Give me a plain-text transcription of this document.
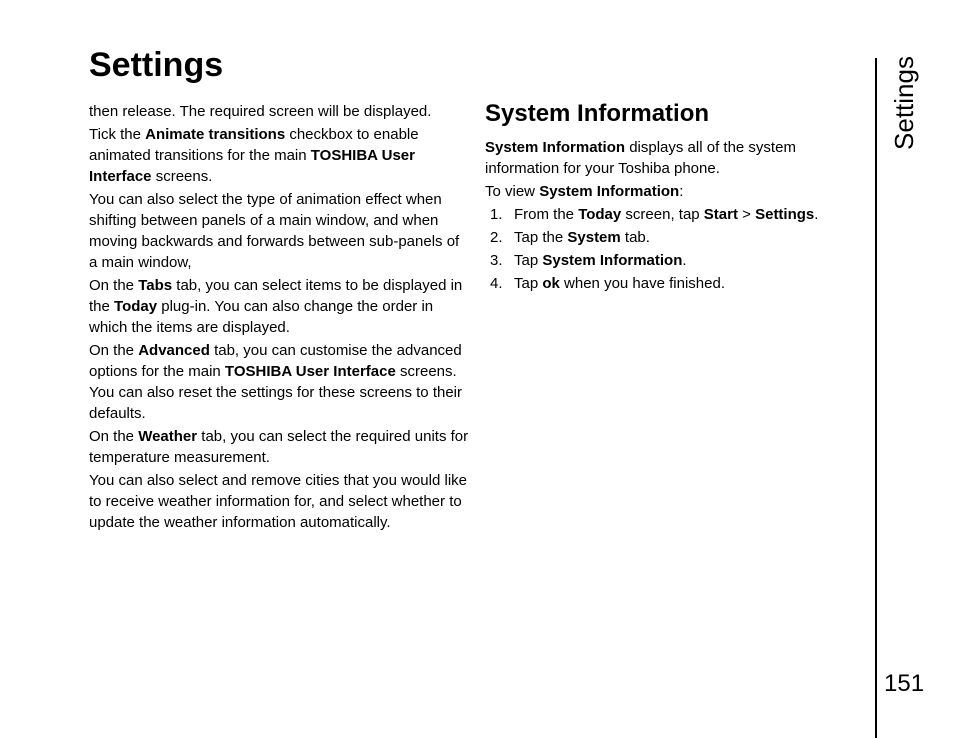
Settings

then release. The required screen will be displayed.

Tick the Animate transitions checkbox to enable animated transitions for the main TOSHIBA User Interface screens.

You can also select the type of animation effect when shifting between panels of a main window, and when moving backwards and forwards between sub-panels of a main window,

On the Tabs tab, you can select items to be displayed in the Today plug-in. You can also change the order in which the items are displayed.

On the Advanced tab, you can customise the advanced options for the main TOSHIBA User Interface screens. You can also reset the settings for these screens to their defaults.

On the Weather tab, you can select the required units for temperature measurement.

You can also select and remove cities that you would like to receive weather information for, and select whether to update the weather information automatically.

System Information

System Information displays all of the system information for your Toshiba phone.

To view System Information:

1. From the Today screen, tap Start > Settings.
2. Tap the System tab.
3. Tap System Information.
4. Tap ok when you have finished.
Settings
151
